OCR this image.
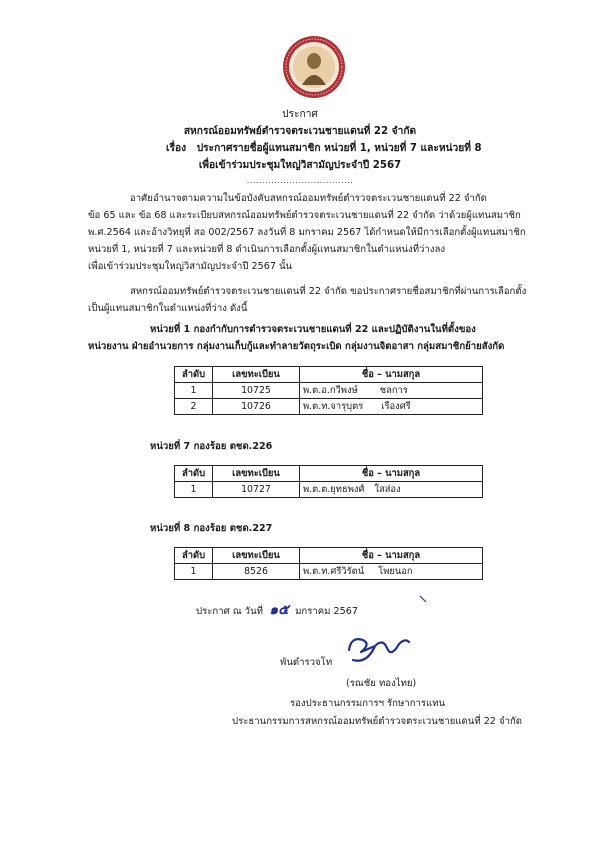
ประกาศ
สหกรณ์ออมทรัพย์ตำรวจตระเวนชายแดนที่ 22 จำกัด
เรื่อง ประกาศรายชื่อผู้แทนสมาชิก หน่วยที่ 1, หน่วยที่ 7 และหน่วยที่ 8
เพื่อเข้าร่วมประชุมใหญ่วิสามัญประจำปี 2567
...................................
อาศัยอำนาจตามความในข้อบังคับสหกรณ์ออมทรัพย์ตำรวจตระเวนชายแดนที่ 22 จำกัด
ข้อ 65 และ ข้อ 68 และระเบียบสหกรณ์ออมทรัพย์ตำรวจตระเวนชายแดนที่ 22 จำกัด ว่าด้วยผู้แทนสมาชิก
พ.ศ.2564 และอ้างวิทยุที่ สอ 002/2567 ลงวันที่ 8 มกราคม 2567 ได้กำหนดให้มีการเลือกตั้งผู้แทนสมาชิก
หน่วยที่ 1, หน่วยที่ 7 และหน่วยที่ 8 ดำเนินการเลือกตั้งผู้แทนสมาชิกในตำแหน่งที่ว่างลง
เพื่อเข้าร่วมประชุมใหญ่วิสามัญประจำปี 2567 นั้น
สหกรณ์ออมทรัพย์ตำรวจตระเวนชายแดนที่ 22 จำกัด ขอประกาศรายชื่อสมาชิกที่ผ่านการเลือกตั้ง
เป็นผู้แทนสมาชิกในตำแหน่งที่ว่าง ดังนี้
หน่วยที่ 1 กองกำกับการตำรวจตระเวนชายแดนที่ 22 และปฏิบัติงานในที่ตั้งของ
หน่วยงาน ฝ่ายอำนวยการ กลุ่มงานเก็บกู้และทำลายวัตถุระเบิด กลุ่มงานจิตอาสา กลุ่มสมาชิกย้ายสังกัด
ลำดับ	เลขทะเบียน	ชื่อ – นามสกุล
1	10725	พ.ต.อ.กวีพงษ์ ชลการ
2	10726	พ.ต.ท.จารุบุตร เรืองศรี
หน่วยที่ 7 กองร้อย ตชด.226
ลำดับ	เลขทะเบียน	ชื่อ – นามสกุล
1	10727	พ.ต.ต.ยุทธพงศ์ ใสส่อง
หน่วยที่ 8 กองร้อย ตชด.227
ลำดับ	เลขทะเบียน	ชื่อ – นามสกุล
1	8526	พ.ต.ท.ศรีวิรัตน์ โพยนอก
ประกาศ ณ วันที่ ๑๕ มกราคม 2567
พันตำรวจโท
(รณชัย ทองไทย)
รองประธานกรรมการฯ รักษาการแทน
ประธานกรรมการสหกรณ์ออมทรัพย์ตำรวจตระเวนชายแดนที่ 22 จำกัด
